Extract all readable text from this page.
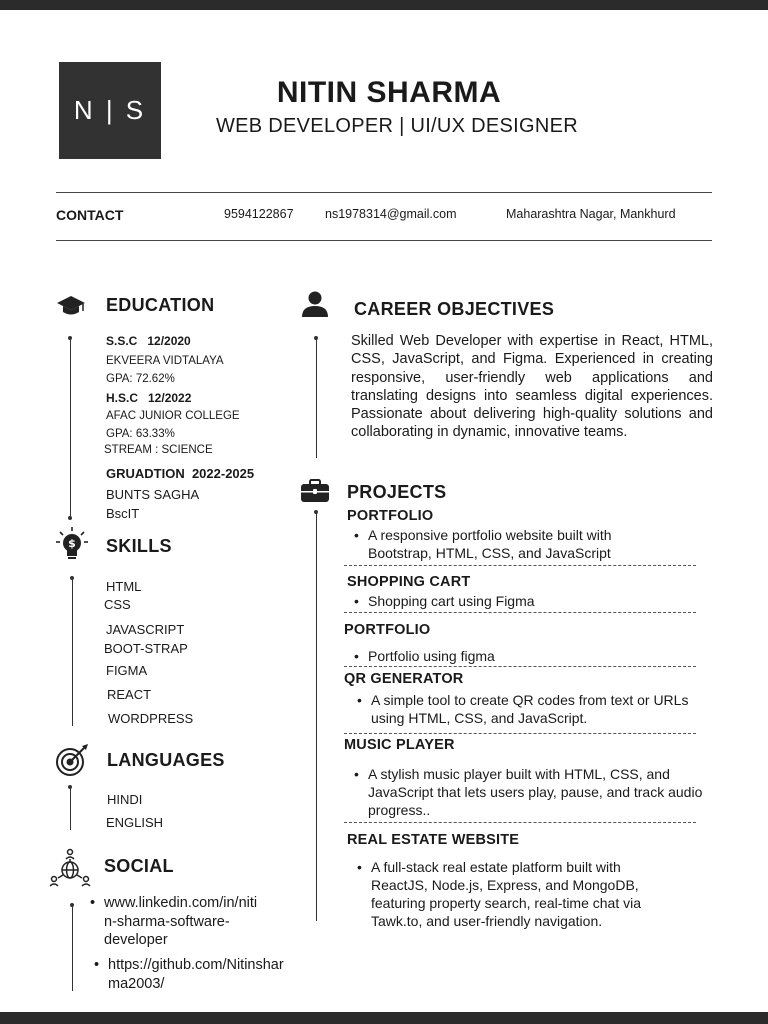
N | S
NITIN SHARMA
WEB DEVELOPER | UI/UX DESIGNER
CONTACT	9594122867	ns1978314@gmail.com	Maharashtra Nagar, Mankhurd
EDUCATION
S.S.C   12/2020
EKVEERA VIDTALAYA
GPA: 72.62%
H.S.C   12/2022
AFAC JUNIOR COLLEGE
GPA: 63.33%
STREAM : SCIENCE
GRUADTION  2022-2025
BUNTS SAGHA
BscIT
$ SKILLS
HTML
CSS
JAVASCRIPT
BOOT-STRAP
FIGMA
REACT
WORDPRESS
LANGUAGES
HINDI
ENGLISH
SOCIAL
• www.linkedin.com/in/niti
n-sharma-software-
developer
• https://github.com/Nitinshar
ma2003/
CAREER OBJECTIVES
Skilled Web Developer with expertise in React, HTML, CSS, JavaScript, and Figma. Experienced in creating responsive, user-friendly web applications and translating designs into seamless digital experiences. Passionate about delivering high-quality solutions and collaborating in dynamic, innovative teams.
PROJECTS
PORTFOLIO
• A responsive portfolio website built with Bootstrap, HTML, CSS, and JavaScript
SHOPPING CART
• Shopping cart using Figma
PORTFOLIO
• Portfolio using figma
QR GENERATOR
• A simple tool to create QR codes from text or URLs using HTML, CSS, and JavaScript.
MUSIC PLAYER
• A stylish music player built with HTML, CSS, and JavaScript that lets users play, pause, and track audio progress..
REAL ESTATE WEBSITE
• A full-stack real estate platform built with ReactJS, Node.js, Express, and MongoDB, featuring property search, real-time chat via Tawk.to, and user-friendly navigation.
